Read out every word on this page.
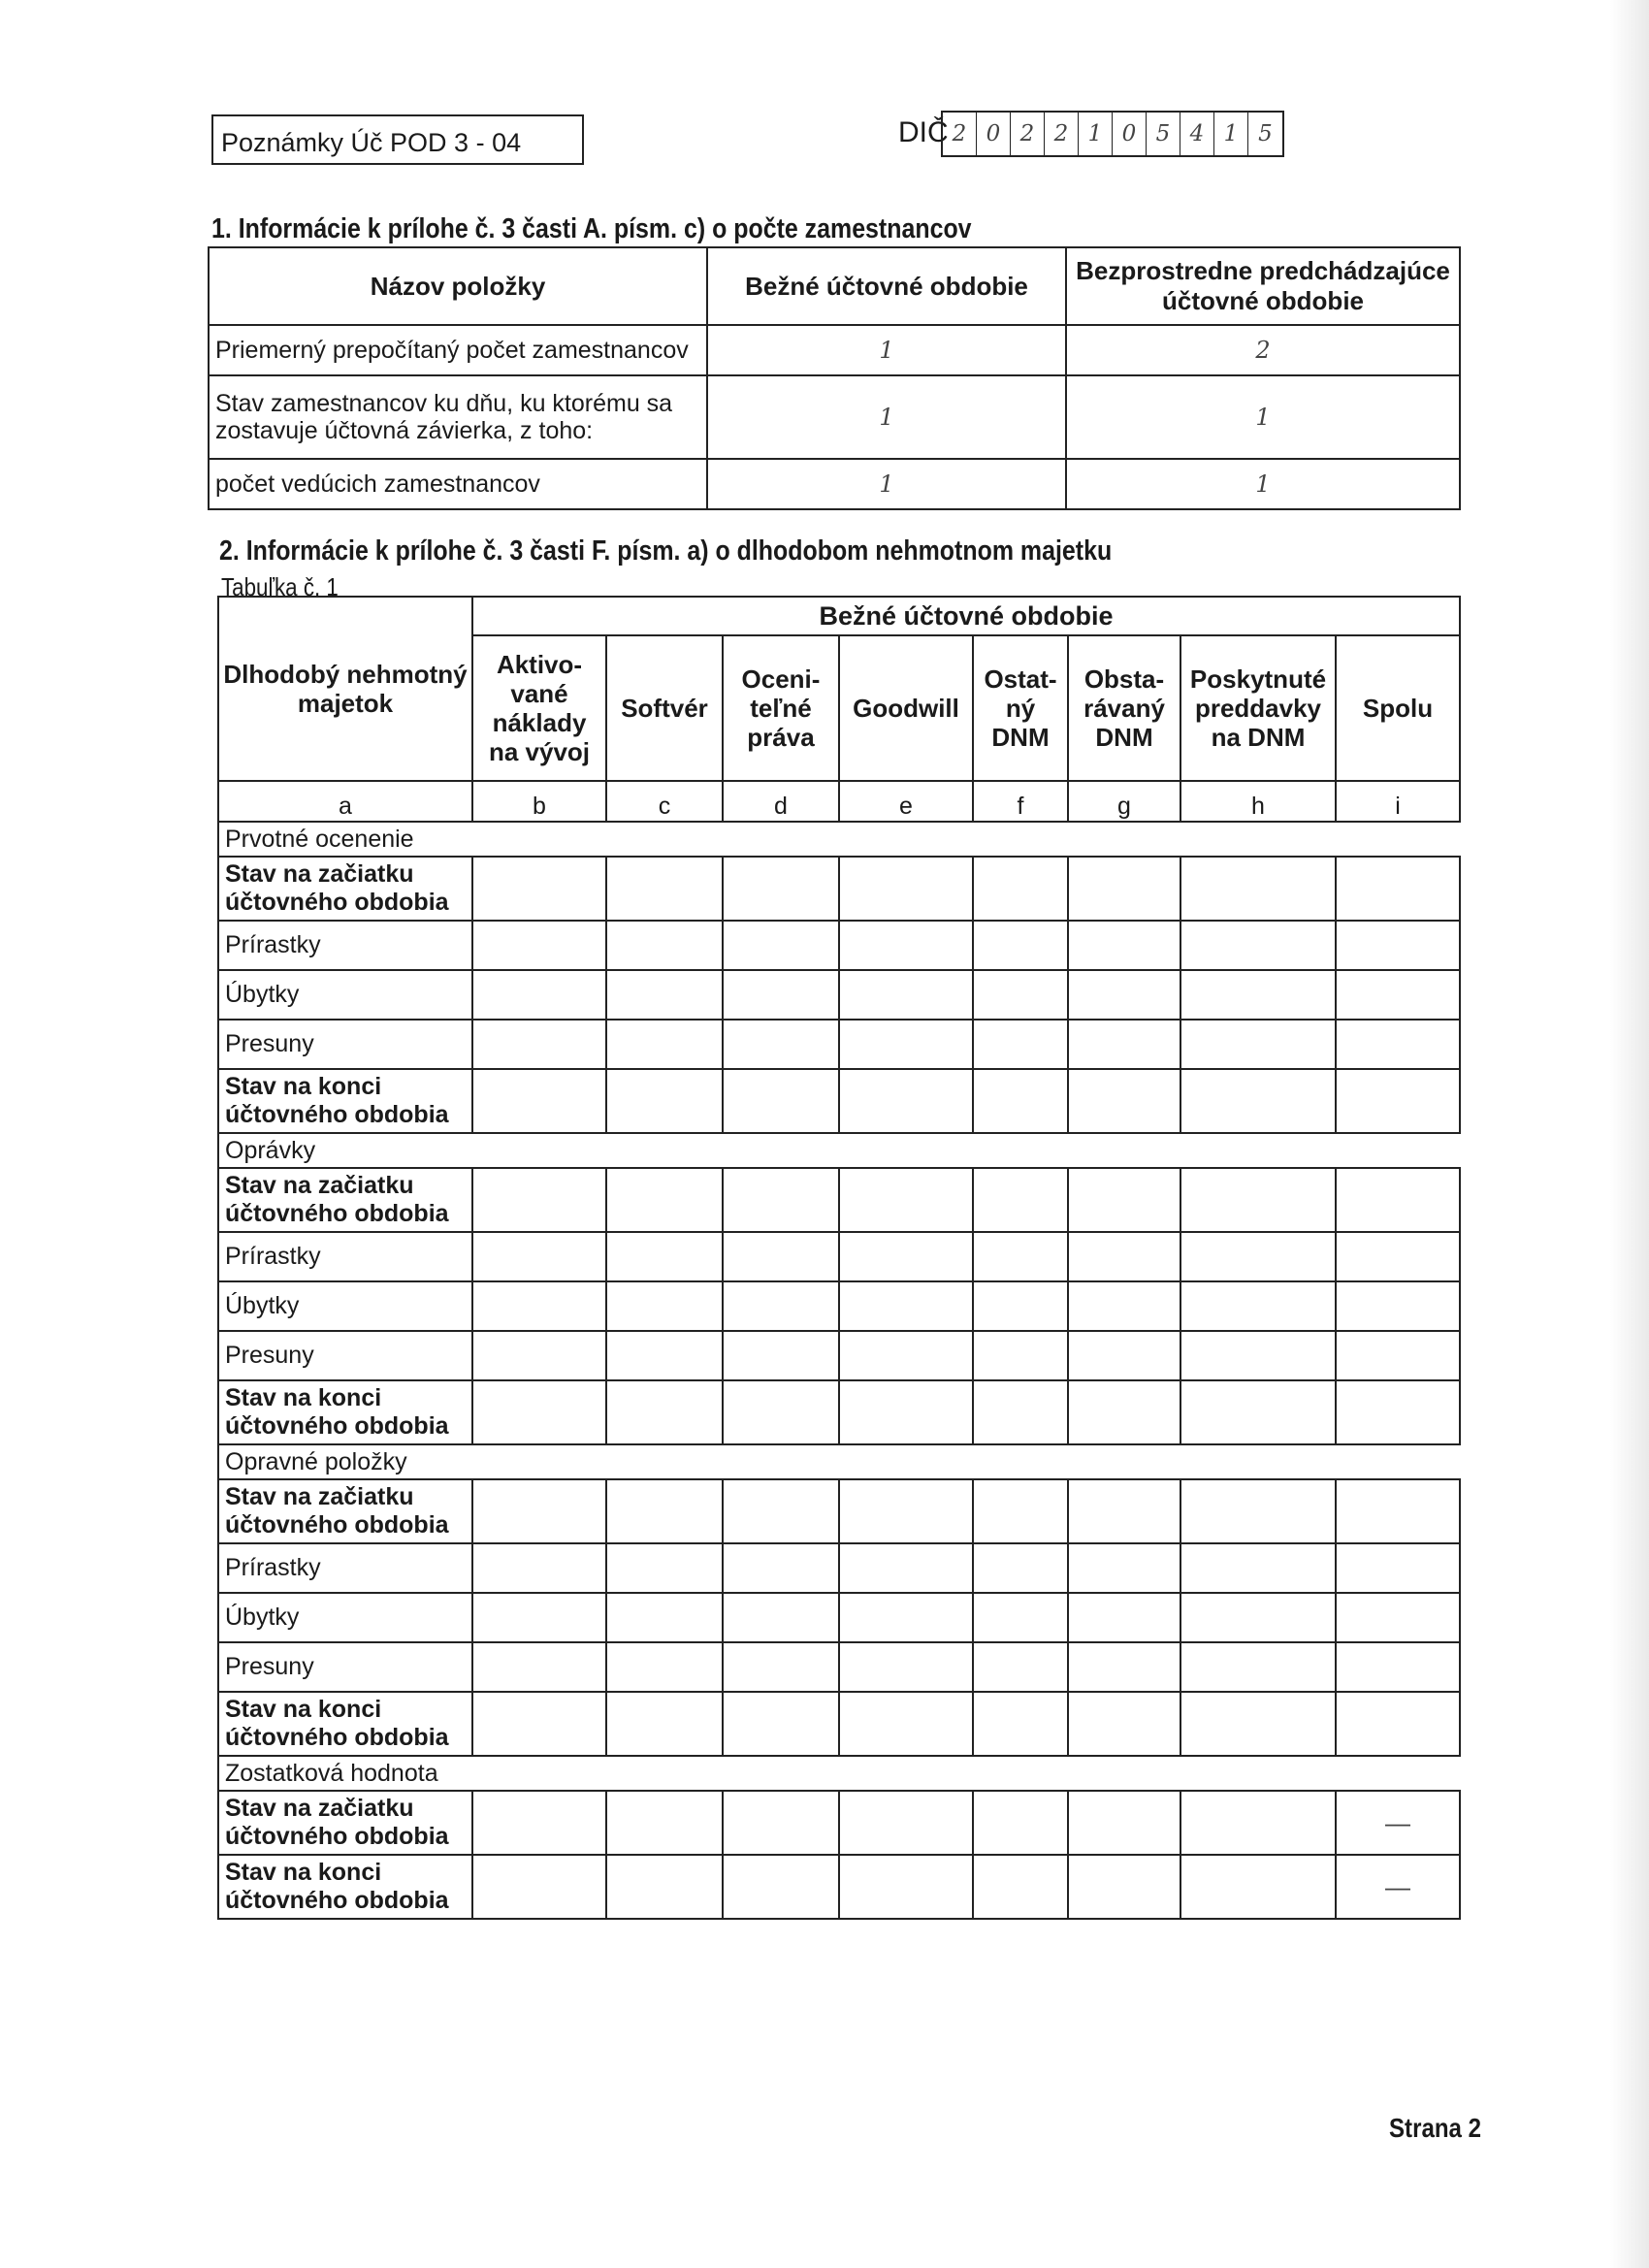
Poznámky Úč POD 3 - 04	DIČ 2 0 2 2 1 0 5 4 1 5
1. Informácie k prílohe č. 3 časti A. písm. c) o počte zamestnancov
Názov položky	Bežné účtovné obdobie	Bezprostredne predchádzajúce účtovné obdobie
Priemerný prepočítaný počet zamestnancov	1	2
Stav zamestnancov ku dňu, ku ktorému sa zostavuje účtovná závierka, z toho:	1	1
počet vedúcich zamestnancov	1	1
2. Informácie k prílohe č. 3 časti F. písm. a) o dlhodobom nehmotnom majetku
Tabuľka č. 1
Dlhodobý nehmotný majetok	Bežné účtovné obdobie							
	Aktivo-vané náklady na vývoj	Softvér	Oceni-teľné práva	Goodwill	Ostat-ný DNM	Obsta-rávaný DNM	Poskytnuté preddavky na DNM	Spolu
a	b	c	d	e	f	g	h	i
Prvotné ocenenie								
Stav na začiatku účtovného obdobia								
Prírastky								
Úbytky								
Presuny								
Stav na konci účtovného obdobia								
Oprávky								
Stav na začiatku účtovného obdobia								
Prírastky								
Úbytky								
Presuny								
Stav na konci účtovného obdobia								
Opravné položky								
Stav na začiatku účtovného obdobia								
Prírastky								
Úbytky								
Presuny								
Stav na konci účtovného obdobia								
Zostatková hodnota								
Stav na začiatku účtovného obdobia								—
Stav na konci účtovného obdobia								—
Strana 2
